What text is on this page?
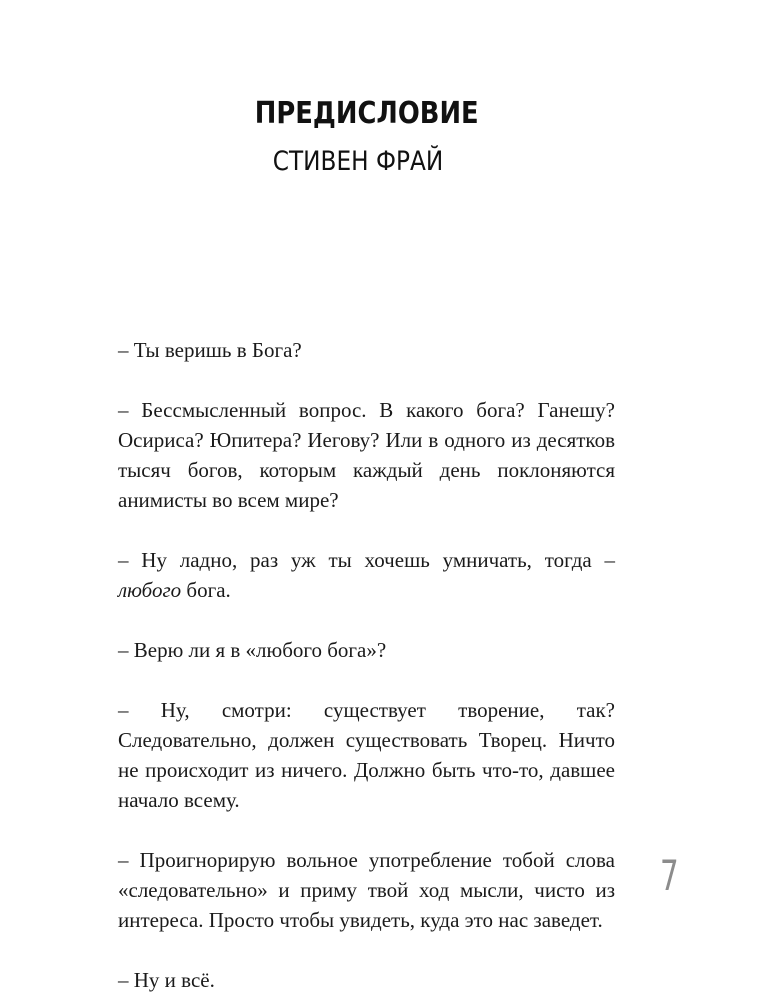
ПРЕДИСЛОВИЕ
СТИВЕН ФРАЙ

– Ты веришь в Бога?

– Бессмысленный вопрос. В какого бога? Ганешу? Осириса? Юпитера? Иегову? Или в одного из десятков тысяч богов, которым каждый день поклоняются анимисты во всем мире?

– Ну ладно, раз уж ты хочешь умничать, тогда – любого бога.

– Верю ли я в «любого бога»?

– Ну, смотри: существует творение, так? Следовательно, должен существовать Творец. Ничто не происходит из ничего. Должно быть что-то, давшее начало всему.

– Проигнорирую вольное употребление тобой слова «следовательно» и приму твой ход мысли, чисто из интереса. Просто чтобы увидеть, куда это нас заведет.

– Ну и всё.

7
